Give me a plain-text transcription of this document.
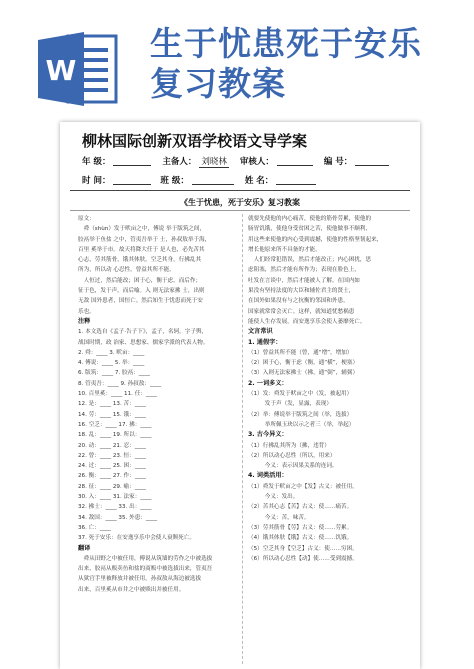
W
生于忧患死于安乐
复习教案
柳林国际创新双语学校语文导学案
年 级：	主备人： 刘晓林 审核人：	编 号：
时 间：	班 级：	姓 名：
《生于忧患，死于安乐》复习教案

原文：

　舜（shùn）发于畎亩之中，傅说 举于版筑之间，

胶鬲举于鱼盐 之中，管夷吾举于 士，孙叔敖举于海，

百里 奚举于市。故天将降大任于 是人也，必先苦其

心志，劳其筋骨，饿其体肤，空乏其身，行拂乱其

所为，所以动 心忍性，曾益其所不能。

　人恒过，然后能改；困于心，衡于虑，而后作；

征于色，发于声，而后喻。入 则无法家拂 士，出则

无敌 国外患者，国恒亡。然后知生于忧患而死于安

乐也。

注释

1. 本文选自《孟子·告子下》，孟子，名轲，字子舆，

战国时期，政 治家、思想家、儒家学派的代表人物。

2. 舜：____ 3. 畎亩：____

4. 傅说：____ 5. 举：____

6. 版筑：____ 7. 胶鬲：____

8. 管夷吾：____ 9. 孙叔敖：____

10. 百里奚：____ 11. 任：____

12. 是：____ 13. 苦：____

14. 劳：____ 15. 饿：____

16. 空乏：____ 17. 拂：____

18. 乱：____ 19. 所以：____

20. 动：____ 21. 忍：____

22. 曾：____ 23. 恒：____

24. 过：____ 25. 困：____

26. 衡：____ 27. 作：____

28. 征：____ 29. 喻：____

30. 入：____ 31. 法家：____

32. 拂士：____ 33. 出：____

34. 敌国：____ 35. 外患：____

36. 亡：____

37. 死于安乐：在安逸享乐中会使人衰颓死亡。

翻译

　舜从田野之中被任用，傅说从筑墙的劳作之中被选拔

出来，胶鬲从贩卖鱼和盐的商贩中被选拔出来，管夷吾

从狱官手里被释放并被任用，孙叔敖从海边被选拔

出来，百里奚从市井之中被赎出并被任用。

就要先使他的内心痛苦，使他的筋骨劳累，使他的

肠胃饥饿，使他身受贫困之苦，使他做事不顺利，

用这些来使他的内心受到震撼，使他的性格坚韧起来，

增长他原来所不具备的才能。

　人们经常犯错误，然后才能改正；内心困扰，思

虑阻塞，然后才能有所作为；表现在脸色上，

吐发在言谈中，然后才能被人了解。在国内如

果没有坚持法度的大臣和辅佐君主的贤士，

在国外如果没有与之抗衡的邻国和外患，

国家就常常会灭亡。这样，就知道忧愁祸患

能使人生存发展，而安逸享乐会使人萎靡死亡。

文言常识

1. 通假字：

（1）曾益其所不能（曾，通“增”，增加）

（2）困于心，衡于虑（衡，通“横”，梗塞）

（3）入则无法家拂士（拂，通“弼”，辅弼）

2. 一词多义：

（1）发：舜发于畎亩之中（发，被起用）

　　　发于声（发，显露，表现）

（2）举：傅说举于版筑之间（举，选拔）

　　　举所佩玉玦以示之者三（举，举起）

3. 古今异义：

（1）行拂乱其所为（拂，违背）

（2）所以动心忍性（所以，用来）

　　　今义：表示因果关系的连词。

4. 词类活用：

（1）舜发于畎亩之中【发】古义：被任用。

　　　今义：发出。

（2）苦其心志【苦】古义：使……痛苦。

　　　今义：苦，味苦。

（3）劳其筋骨【劳】古义：使……劳累。

（4）饿其体肤【饿】古义：使……饥饿。

（5）空乏其身【空乏】古义：使……穷困。

（6）所以动心忍性【动】使……受到震撼。
